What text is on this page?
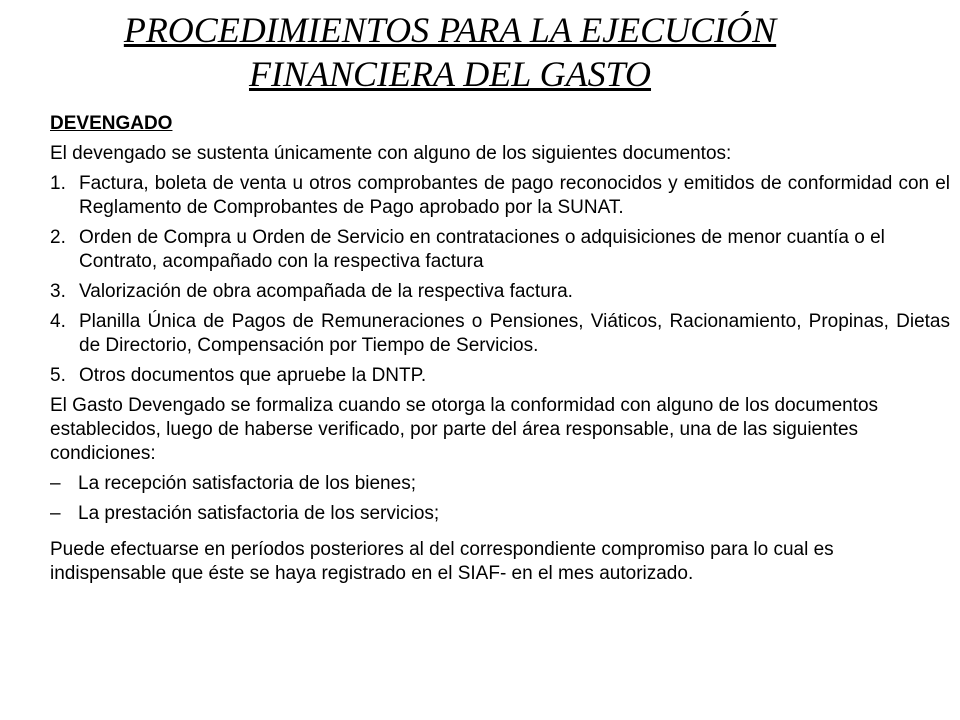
PROCEDIMIENTOS PARA LA EJECUCIÓN
FINANCIERA DEL GASTO
DEVENGADO
El devengado se sustenta únicamente con alguno de los siguientes documentos:
1. Factura, boleta de venta u otros comprobantes de pago reconocidos y emitidos de conformidad con el Reglamento de Comprobantes de Pago aprobado por la SUNAT.
2. Orden de Compra u Orden de Servicio en contrataciones o adquisiciones de menor cuantía o el Contrato, acompañado con la respectiva factura
3. Valorización de obra acompañada de la respectiva factura.
4. Planilla Única de Pagos de Remuneraciones o Pensiones, Viáticos, Racionamiento, Propinas, Dietas de Directorio, Compensación por Tiempo de Servicios.
5. Otros documentos que apruebe la DNTP.
El Gasto Devengado se formaliza cuando se otorga la conformidad con alguno de los documentos establecidos, luego de haberse verificado, por parte del área responsable, una de las siguientes condiciones:
– La recepción satisfactoria de los bienes;
– La prestación satisfactoria de los servicios;
Puede efectuarse en períodos posteriores al del correspondiente compromiso para lo cual es indispensable que éste se haya registrado en el SIAF- en el mes autorizado.
